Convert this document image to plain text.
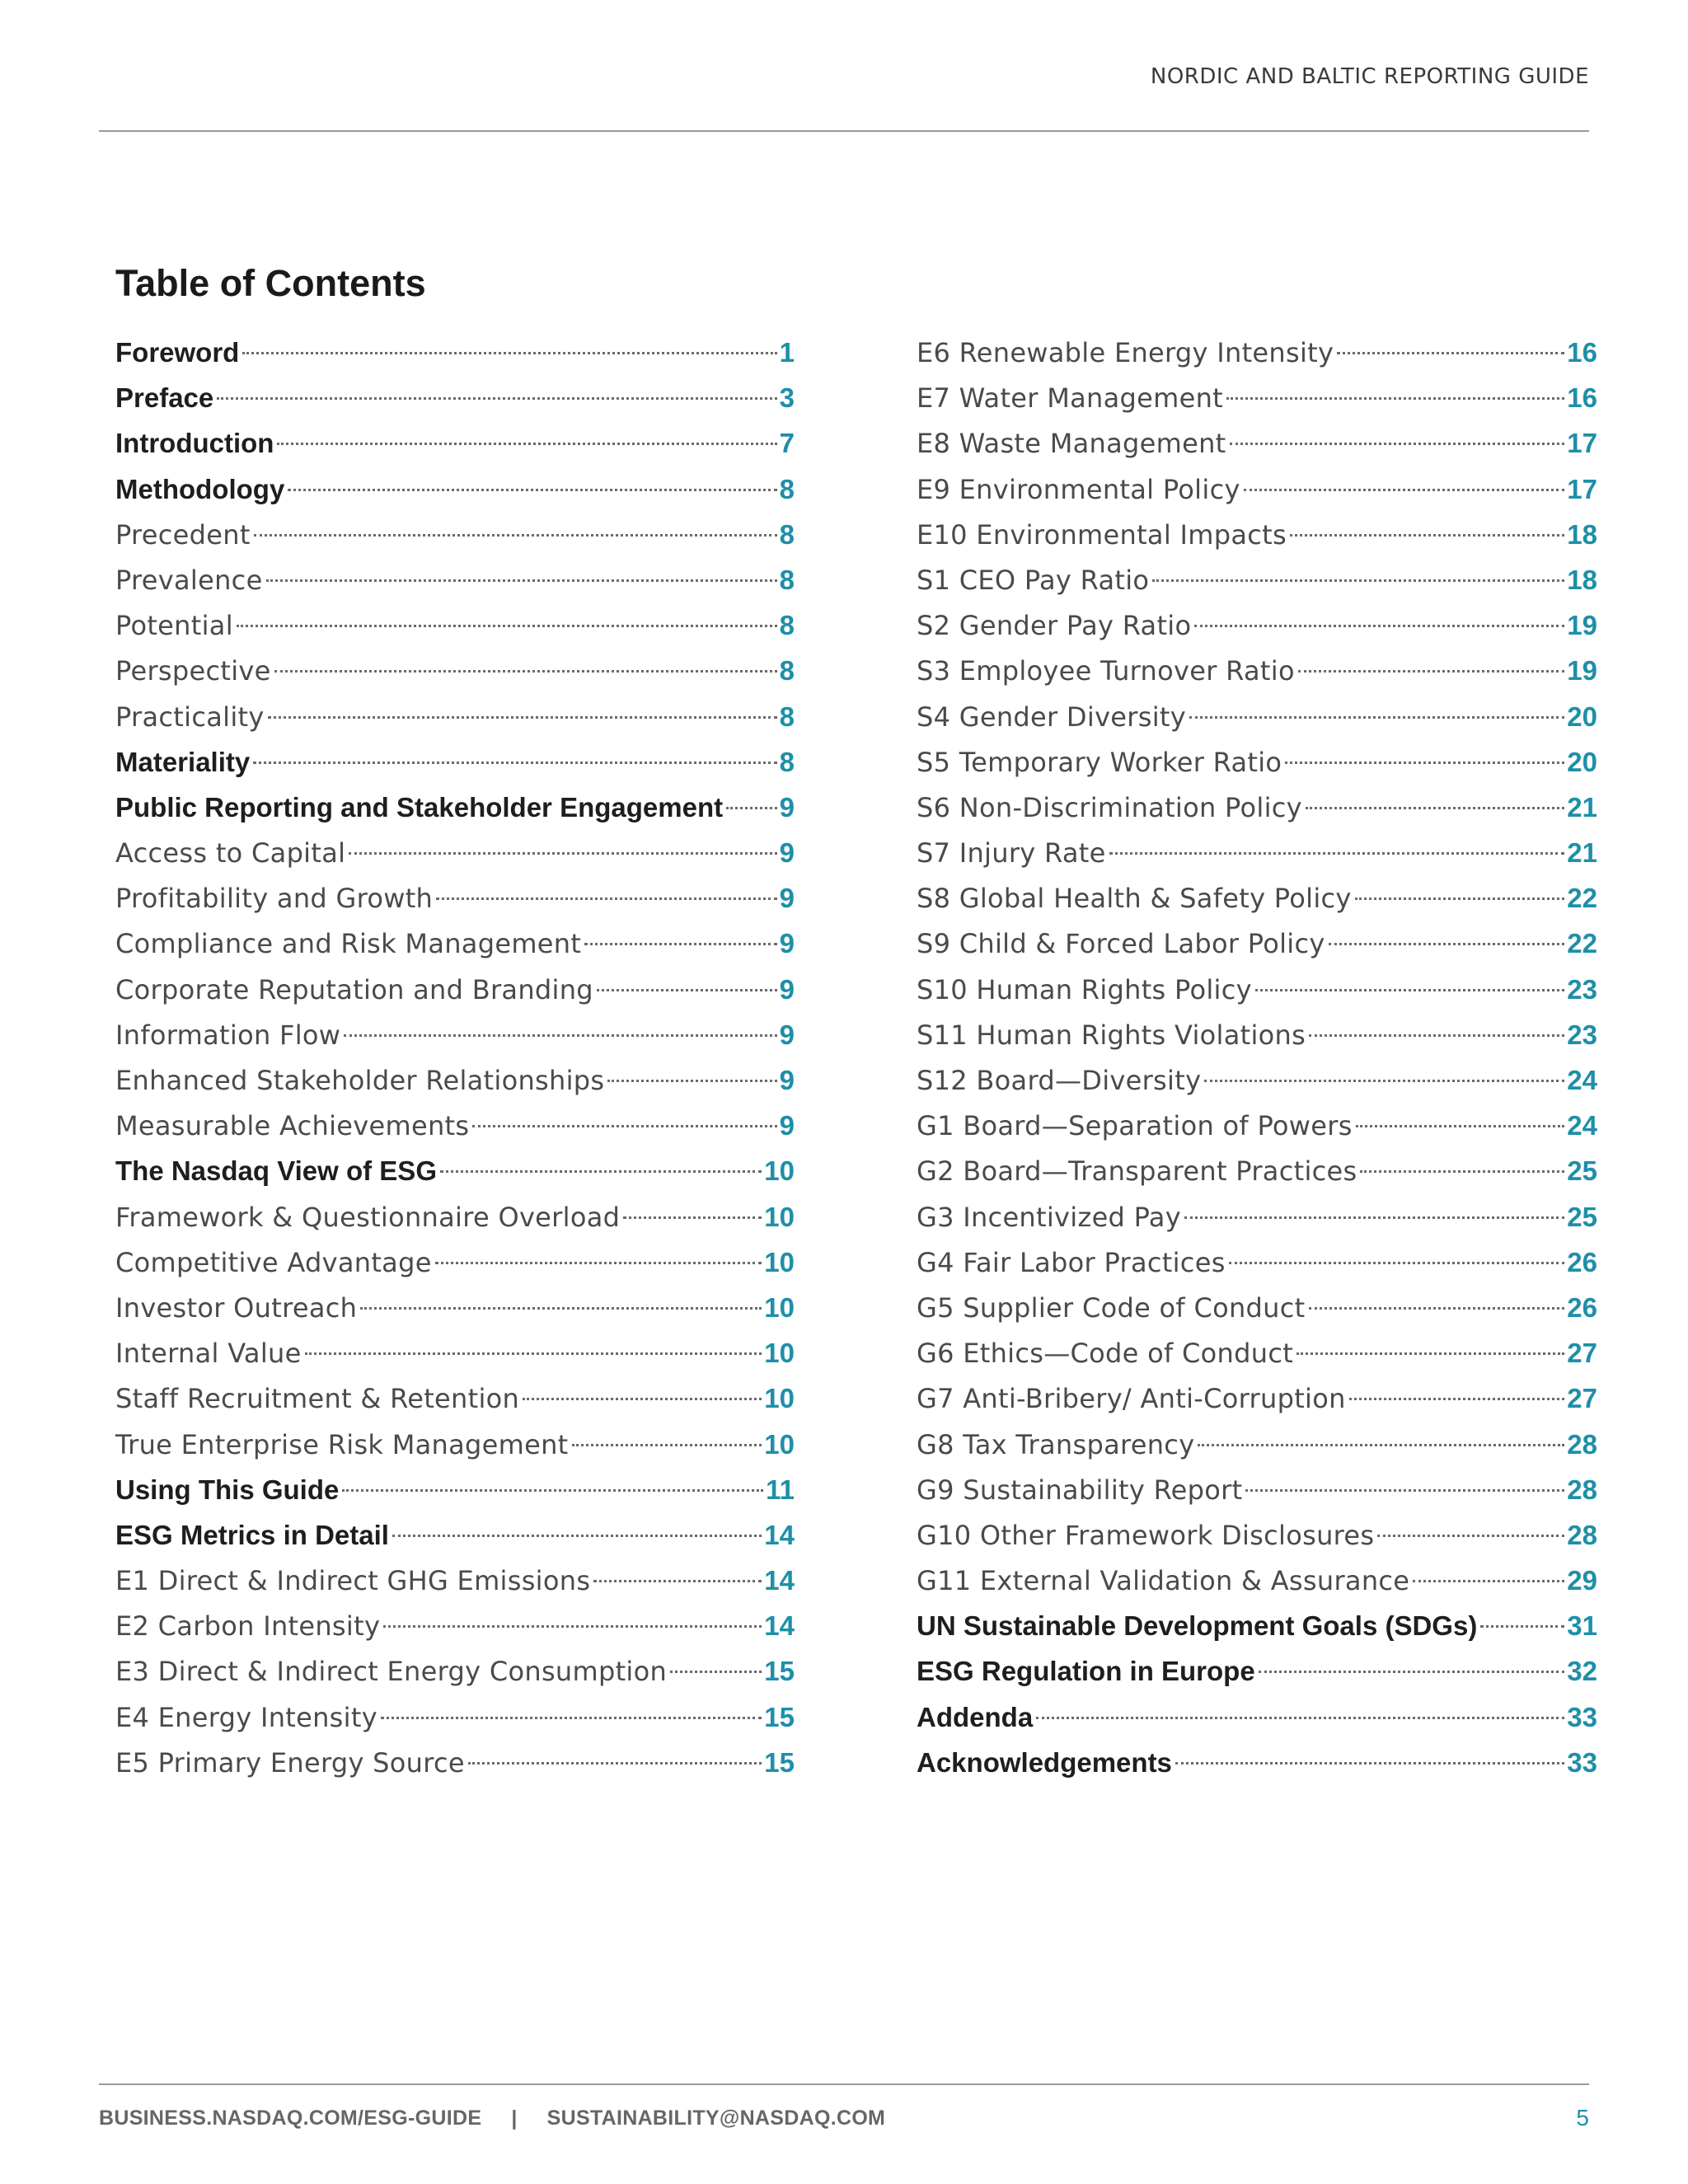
NORDIC AND BALTIC REPORTING GUIDE
Table of Contents
Foreword	1
Preface	3
Introduction	7
Methodology	8
Precedent	8
Prevalence	8
Potential	8
Perspective	8
Practicality	8
Materiality	8
Public Reporting and Stakeholder Engagement 9
Access to Capital	9
Profitability and Growth	9
Compliance and Risk Management	9
Corporate Reputation and Branding	9
Information Flow	9
Enhanced Stakeholder Relationships	9
Measurable Achievements	9
The Nasdaq View of ESG	10
Framework & Questionnaire Overload	10
Competitive Advantage	10
Investor Outreach	10
Internal Value	10
Staff Recruitment & Retention	10
True Enterprise Risk Management	10
Using This Guide	11
ESG Metrics in Detail	14
E1 Direct & Indirect GHG Emissions	14
E2 Carbon Intensity	14
E3 Direct & Indirect Energy Consumption	15
E4 Energy Intensity	15
E5 Primary Energy Source	15
E6 Renewable Energy Intensity	16
E7 Water Management	16
E8 Waste Management	17
E9 Environmental Policy	17
E10 Environmental Impacts	18
S1 CEO Pay Ratio	18
S2 Gender Pay Ratio	19
S3 Employee Turnover Ratio	19
S4 Gender Diversity	20
S5 Temporary Worker Ratio	20
S6 Non-Discrimination Policy	21
S7 Injury Rate	21
S8 Global Health & Safety Policy	22
S9 Child & Forced Labor Policy	22
S10 Human Rights Policy	23
S11 Human Rights Violations	23
S12 Board—Diversity	24
G1 Board—Separation of Powers	24
G2 Board—Transparent Practices	25
G3 Incentivized Pay	25
G4 Fair Labor Practices	26
G5 Supplier Code of Conduct	26
G6 Ethics—Code of Conduct	27
G7 Anti-Bribery/ Anti-Corruption	27
G8 Tax Transparency	28
G9 Sustainability Report	28
G10 Other Framework Disclosures	28
G11 External Validation & Assurance	29
UN Sustainable Development Goals (SDGs)	31
ESG Regulation in Europe	32
Addenda	33
Acknowledgements	33
BUSINESS.NASDAQ.COM/ESG-GUIDE | SUSTAINABILITY@NASDAQ.COM	5
